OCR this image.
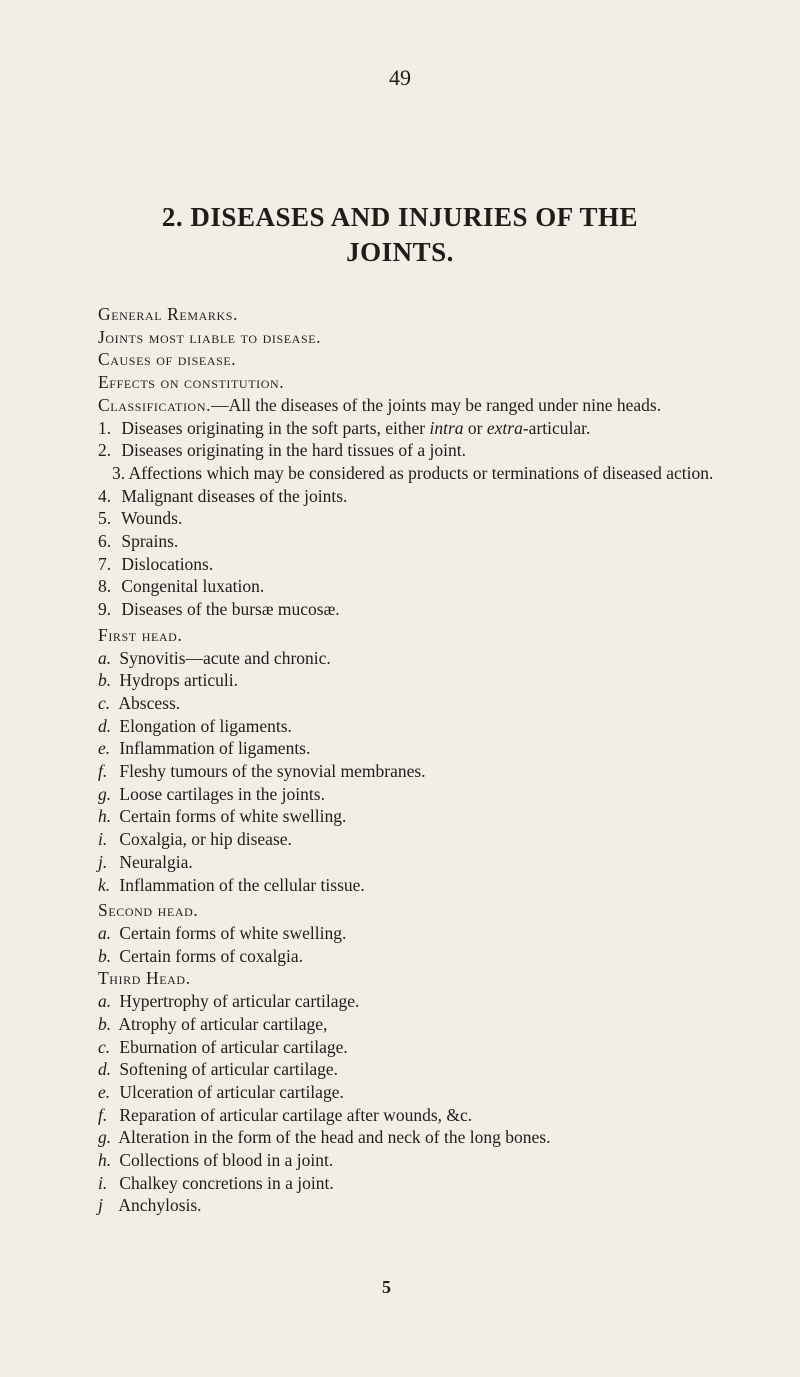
49
2. DISEASES AND INJURIES OF THE
JOINTS.
General Remarks.
Joints most liable to disease.
Causes of disease.
Effects on constitution.
Classification.—All the diseases of the joints may be ranged under nine heads.
1. Diseases originating in the soft parts, either intra or extra-articular.
2. Diseases originating in the hard tissues of a joint.
3. Affections which may be considered as products or terminations of diseased action.
4. Malignant diseases of the joints.
5. Wounds.
6. Sprains.
7. Dislocations.
8. Congenital luxation.
9. Diseases of the bursæ mucosæ.
First head.
a. Synovitis—acute and chronic.
b. Hydrops articuli.
c. Abscess.
d. Elongation of ligaments.
e. Inflammation of ligaments.
f. Fleshy tumours of the synovial membranes.
g. Loose cartilages in the joints.
h. Certain forms of white swelling.
i. Coxalgia, or hip disease.
j. Neuralgia.
k. Inflammation of the cellular tissue.
Second head.
a. Certain forms of white swelling.
b. Certain forms of coxalgia.
Third Head.
a. Hypertrophy of articular cartilage.
b. Atrophy of articular cartilage,
c. Eburnation of articular cartilage.
d. Softening of articular cartilage.
e. Ulceration of articular cartilage.
f. Reparation of articular cartilage after wounds, &c.
g. Alteration in the form of the head and neck of the long bones.
h. Collections of blood in a joint.
i. Chalkey concretions in a joint.
j Anchylosis.
5
